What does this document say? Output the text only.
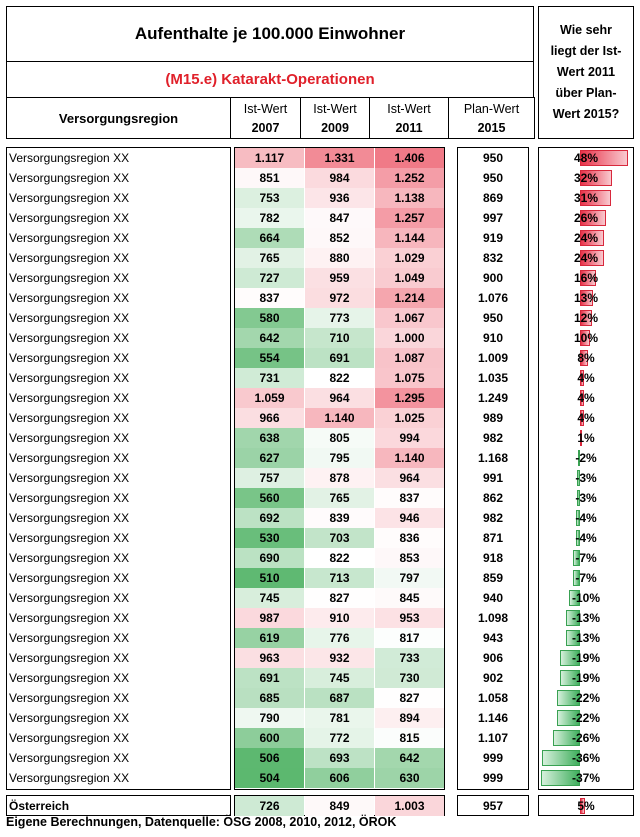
Aufenthalte je 100.000 Einwohner
(M15.e) Katarakt-Operationen
Versorgungsregion
Ist-Wert
2007
Ist-Wert
2009
Ist-Wert
2011
Plan-Wert
2015
Wie sehr
liegt der Ist-
Wert 2011
über Plan-
Wert 2015?
Versorgungsregion XX	1.117	1.331	1.406	950	48%
Versorgungsregion XX	851	984	1.252	950	32%
Versorgungsregion XX	753	936	1.138	869	31%
Versorgungsregion XX	782	847	1.257	997	26%
Versorgungsregion XX	664	852	1.144	919	24%
Versorgungsregion XX	765	880	1.029	832	24%
Versorgungsregion XX	727	959	1.049	900	16%
Versorgungsregion XX	837	972	1.214	1.076	13%
Versorgungsregion XX	580	773	1.067	950	12%
Versorgungsregion XX	642	710	1.000	910	10%
Versorgungsregion XX	554	691	1.087	1.009	8%
Versorgungsregion XX	731	822	1.075	1.035	4%
Versorgungsregion XX	1.059	964	1.295	1.249	4%
Versorgungsregion XX	966	1.140	1.025	989	4%
Versorgungsregion XX	638	805	994	982	1%
Versorgungsregion XX	627	795	1.140	1.168	-2%
Versorgungsregion XX	757	878	964	991	-3%
Versorgungsregion XX	560	765	837	862	-3%
Versorgungsregion XX	692	839	946	982	-4%
Versorgungsregion XX	530	703	836	871	-4%
Versorgungsregion XX	690	822	853	918	-7%
Versorgungsregion XX	510	713	797	859	-7%
Versorgungsregion XX	745	827	845	940	-10%
Versorgungsregion XX	987	910	953	1.098	-13%
Versorgungsregion XX	619	776	817	943	-13%
Versorgungsregion XX	963	932	733	906	-19%
Versorgungsregion XX	691	745	730	902	-19%
Versorgungsregion XX	685	687	827	1.058	-22%
Versorgungsregion XX	790	781	894	1.146	-22%
Versorgungsregion XX	600	772	815	1.107	-26%
Versorgungsregion XX	506	693	642	999	-36%
Versorgungsregion XX	504	606	630	999	-37%
Österreich	726	849	1.003	957	5%
Eigene Berechnungen, Datenquelle: ÖSG 2008, 2010, 2012, ÖROK
